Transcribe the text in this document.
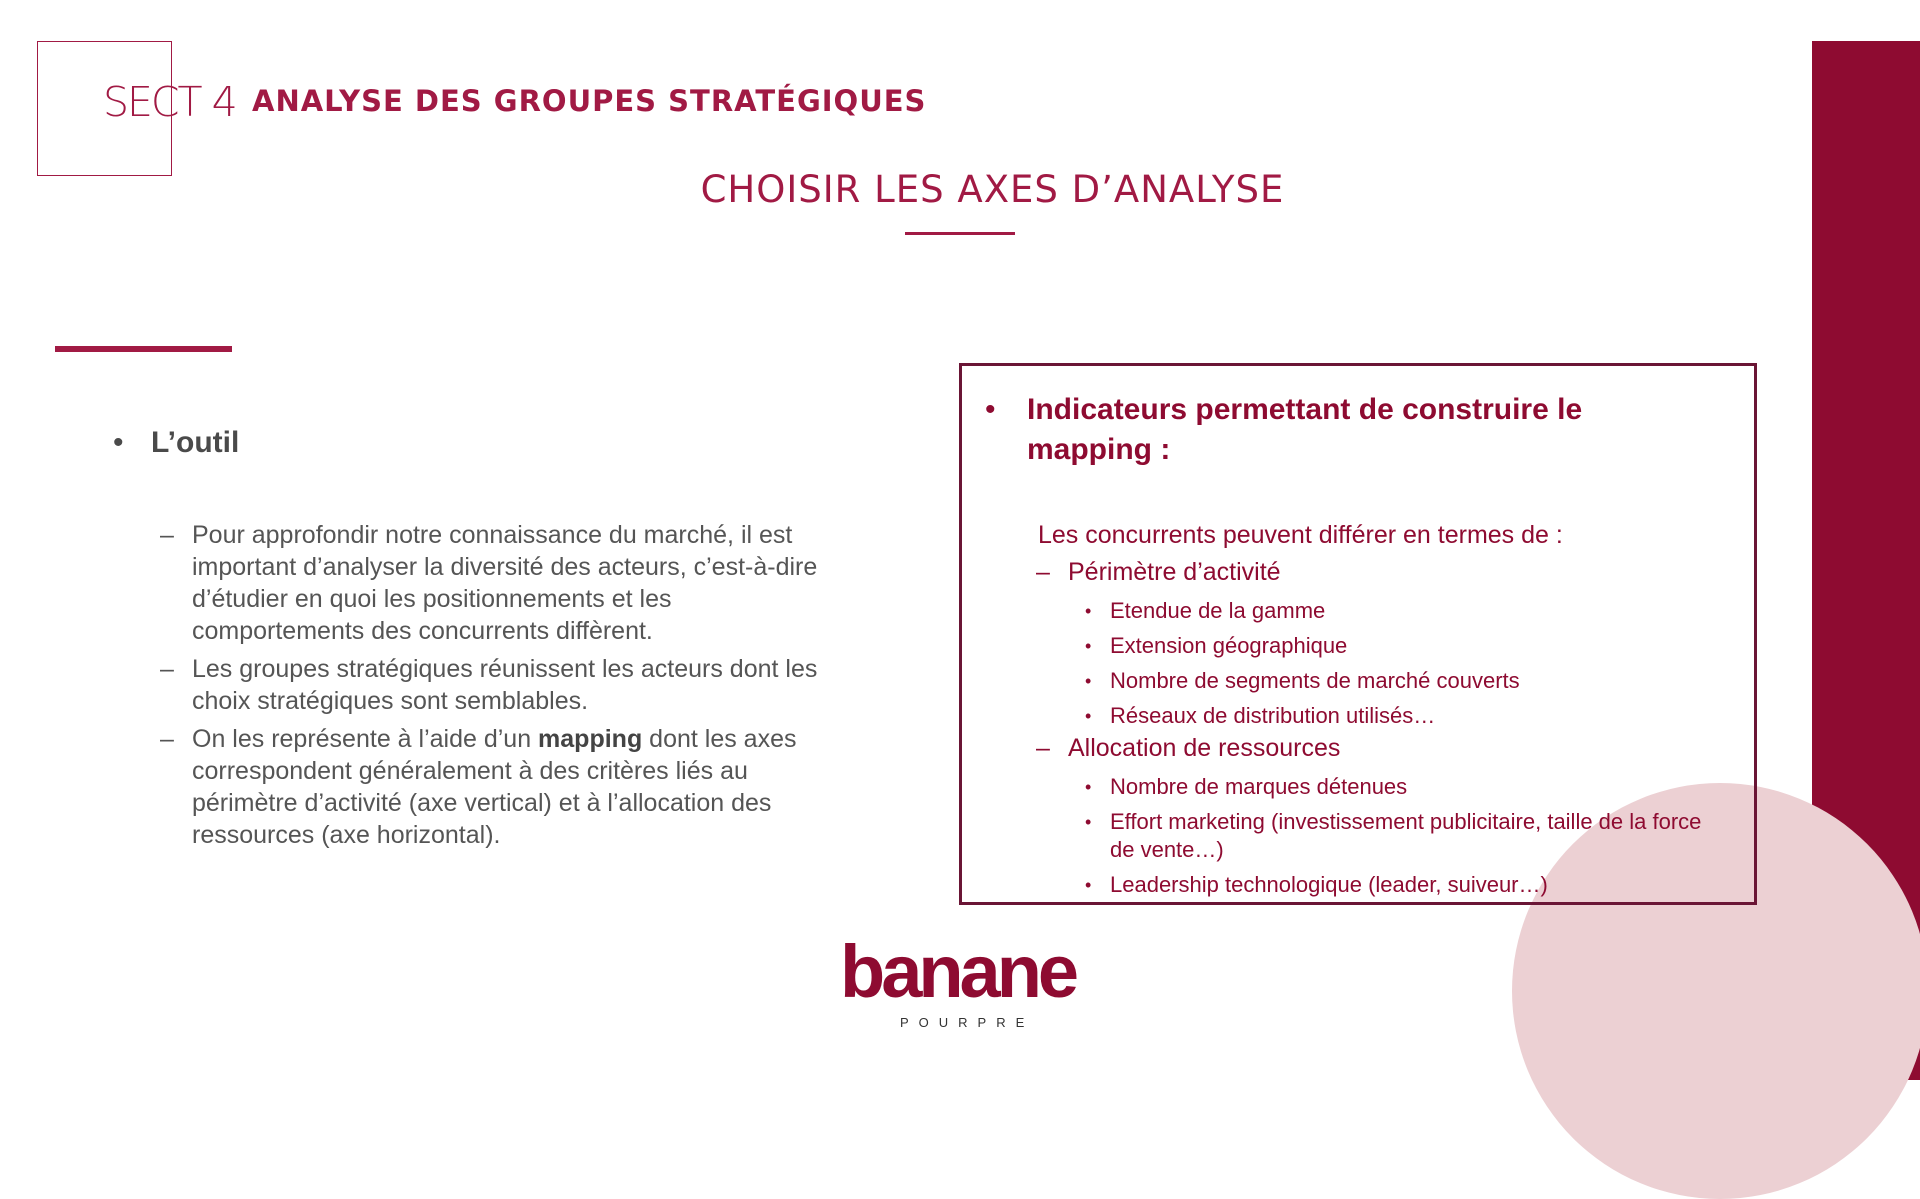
SECT 4 ANALYSE DES GROUPES STRATÉGIQUES
CHOISIR LES AXES D’ANALYSE
• L’outil
– Pour approfondir notre connaissance du marché, il est important d’analyser la diversité des acteurs, c’est-à-dire d’étudier en quoi les positionnements et les comportements des concurrents diffèrent.
– Les groupes stratégiques réunissent les acteurs dont les choix stratégiques sont semblables.
– On les représente à l’aide d’un mapping dont les axes correspondent généralement à des critères liés au périmètre d’activité (axe vertical) et à l’allocation des ressources (axe horizontal).
•	Indicateurs permettant de construire le mapping :
Les concurrents peuvent différer en termes de :
– Périmètre d’activité
• Etendue de la gamme
• Extension géographique
• Nombre de segments de marché couverts
• Réseaux de distribution utilisés…
– Allocation de ressources
• Nombre de marques détenues
• Effort marketing (investissement publicitaire, taille de la force de vente…)
• Leadership technologique (leader, suiveur…)
banane
POURPRE
